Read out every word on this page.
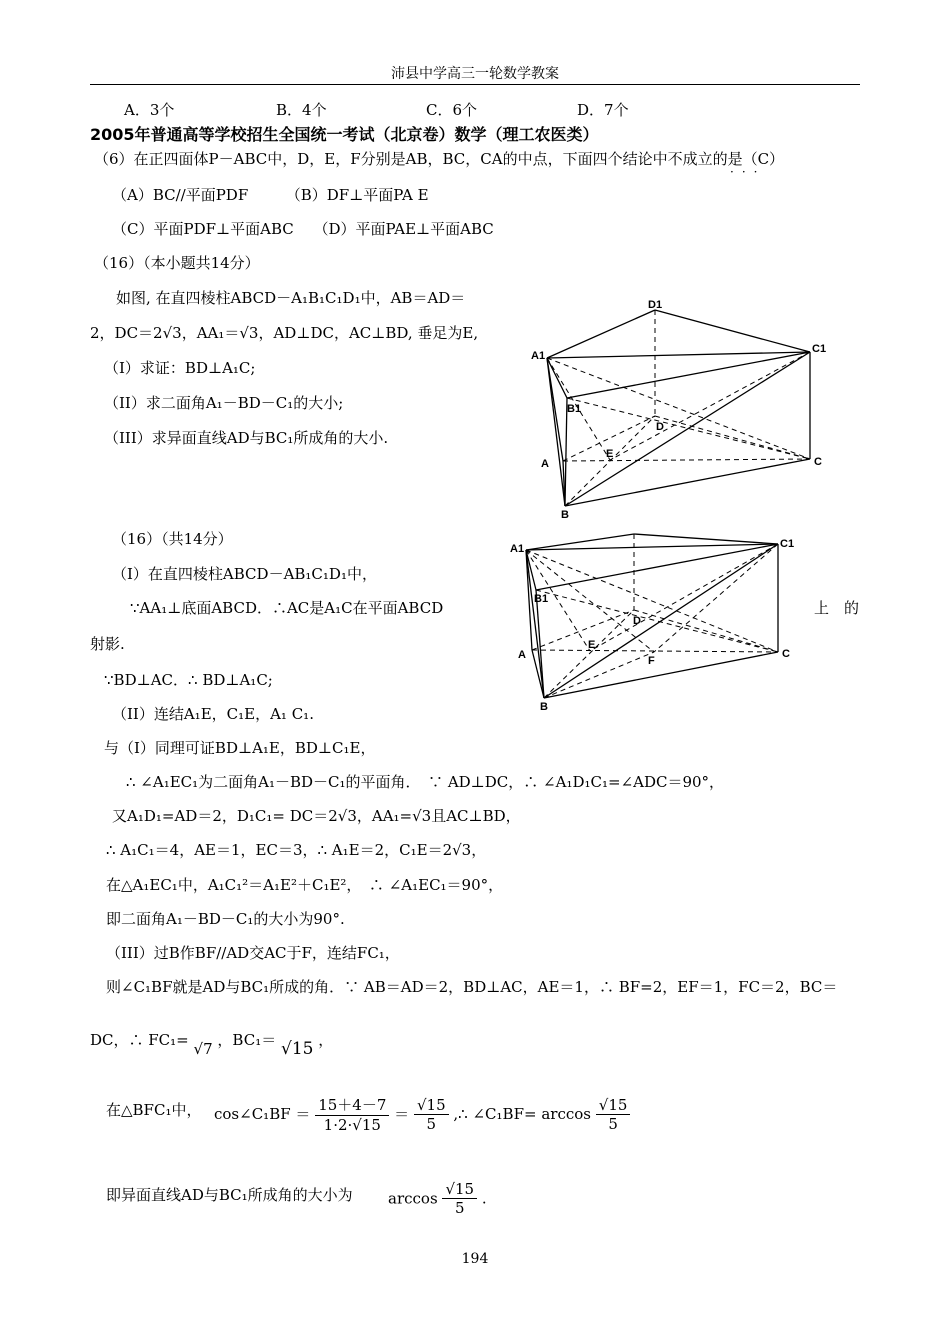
沛县中学高三一轮数学教案
A．3个	B．4个	C．6个	D．7个
2005年普通高等学校招生全国统一考试（北京卷）数学（理工农医类）
（6）在正四面体P－ABC中，D，E，F分别是AB，BC，CA的中点，下面四个结论中不成立的是（C）
···
（A）BC//平面PDF　　　（B）DF⊥平面PA E
（C）平面PDF⊥平面ABC　 （D）平面PAE⊥平面ABC
（16）（本小题共14分）
如图, 在直四棱柱ABCD－A₁B₁C₁D₁中，AB＝AD＝
2，DC＝2√3，AA₁＝√3，AD⊥DC，AC⊥BD, 垂足为E,
（I）求证：BD⊥A₁C;
（II）求二面角A₁－BD－C₁的大小;
（III）求异面直线AD与BC₁所成角的大小.
D1
A1
C1
B1
D
E
A	C
B
（16）（共14分）
（I）在直四棱柱ABCD－AB₁C₁D₁中，
∵AA₁⊥底面ABCD．∴AC是A₁C在平面ABCD	上　的
射影.
∵BD⊥AC．∴ BD⊥A₁C;
A1	C1
B1
D
E
A	F
C
B
（II）连结A₁E，C₁E，A₁ C₁.
与（I）同理可证BD⊥A₁E，BD⊥C₁E，
∴ ∠A₁EC₁为二面角A₁－BD－C₁的平面角．　∵ AD⊥DC，∴ ∠A₁D₁C₁=∠ADC＝90°，
又A₁D₁=AD＝2，D₁C₁= DC＝2√3，AA₁=√3且AC⊥BD，
∴ A₁C₁＝4，AE＝1，EC＝3，∴ A₁E＝2，C₁E＝2√3，
在△A₁EC₁中，A₁C₁²＝A₁E²＋C₁E²，　∴ ∠A₁EC₁＝90°，
即二面角A₁－BD－C₁的大小为90°.
（III）过B作BF//AD交AC于F，连结FC₁，
则∠C₁BF就是AD与BC₁所成的角．∵ AB＝AD＝2，BD⊥AC，AE＝1，∴ BF=2，EF＝1，FC＝2，BC＝
DC，∴ FC₁= √7 ，BC₁＝ √15 ，
在△BFC₁中， cos∠C₁BF ＝ $\frac{15+4-7}{1\cdot 2\cdot√15} = \frac{√15}{5}$ ,∴ ∠C₁BF= $\arccos \frac{√15}{5}$
即异面直线AD与BC₁所成角的大小为 $\arccos \frac{√15}{5}$ .
194
